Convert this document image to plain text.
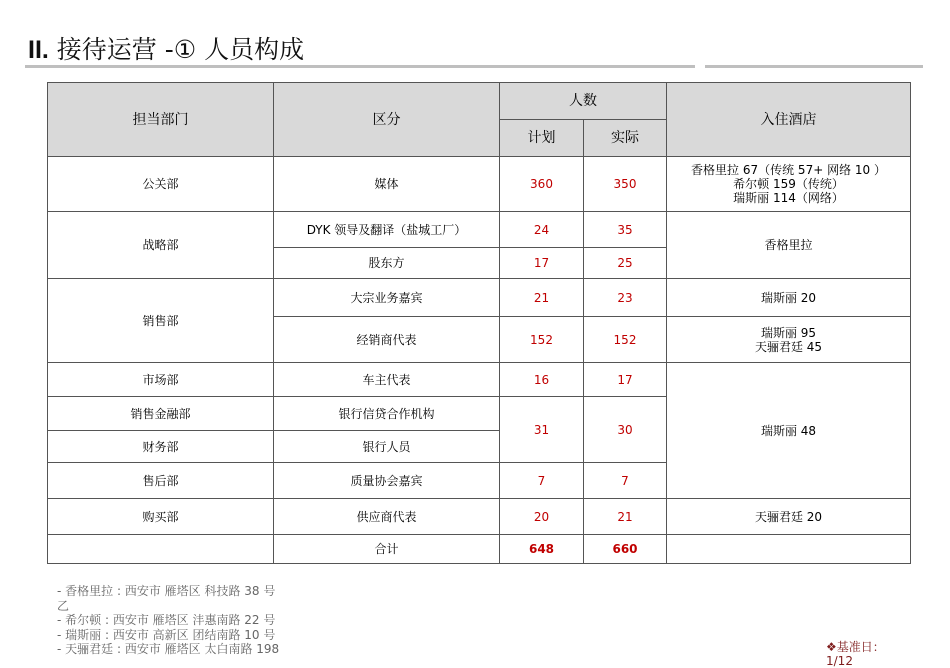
II. 接待运营 -① 人员构成
担当部门	区分	人数		入住酒店
		计划	实际	
公关部	媒体	360	350	香格里拉 67（传统 57+ 网络 10 ）
希尔顿 159（传统）
瑞斯丽 114（网络）

战略部	DYK 领导及翻译（盐城工厂）	24	35	香格里拉
	股东方	17	25	
销售部	大宗业务嘉宾	21	23	瑞斯丽 20
	经销商代表	152	152	瑞斯丽 95
天骊君廷 45

市场部	车主代表	16	17	瑞斯丽 48
销售金融部	银行信贷合作机构	31	30	
财务部	银行人员			
售后部	质量协会嘉宾	7	7	
购买部	供应商代表	20	21	天骊君廷 20
	合计	648	660	
- 香格里拉 : 西安市 雁塔区 科技路 38 号
乙
- 希尔顿 : 西安市 雁塔区 沣惠南路 22 号
- 瑞斯丽 : 西安市 高新区 团结南路 10 号
- 天骊君廷 : 西安市 雁塔区 太白南路 198	❖基准日：
1/12
